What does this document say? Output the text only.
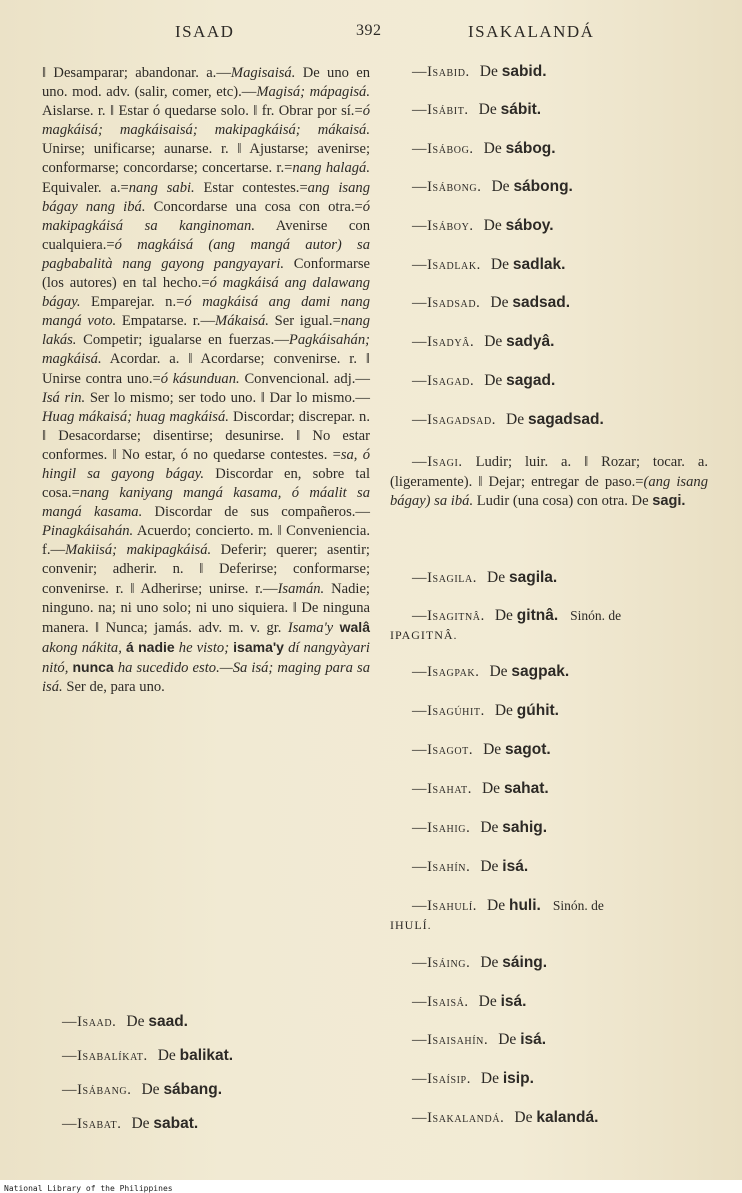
ISAAD	392	ISAKALANDÁ

‖ Desamparar; abandonar. a.—Magisaisá. De uno en uno. mod. adv. (salir, comer, etc).—Magisá; mápagisá. Aislarse. r. ‖ Estar ó quedarse solo. ‖ fr. Obrar por sí.=ó magkáisá; magkáisaisá; makipagkáisá; mákaisá. Unirse; unificarse; aunarse. r. ‖ Ajustarse; avenirse; conformarse; concordarse; concertarse. r.=nang halagá. Equivaler. a.=nang sabi. Estar contestes.=ang isang bágay nang ibá. Concordarse una cosa con otra.=ó makipagkáisá sa kanginoman. Avenirse con cualquiera.=ó magkáisá (ang mangá autor) sa pagbabalità nang gayong pangyayari. Conformarse (los autores) en tal hecho.=ó magkáisá ang dalawang bágay. Emparejar. n.=ó magkáisá ang dami nang mangá voto. Empatarse. r.—Mákaisá. Ser igual.=nang lakás. Competir; igualarse en fuerzas.—Pagkáisahán; magkáisá. Acordar. a. ‖ Acordarse; convenirse. r. ‖ Unirse contra uno.=ó kásunduan. Convencional. adj.—Isá rin. Ser lo mismo; ser todo uno. ‖ Dar lo mismo.—Huag mákaisá; huag magkáisá. Discordar; discrepar. n. ‖ Desacordarse; disentirse; desunirse. ‖ No estar conformes. ‖ No estar, ó no quedarse contestes. =sa, ó hingil sa gayong bágay. Discordar en, sobre tal cosa.=nang kaniyang mangá kasama, ó máalit sa mangá kasama. Discordar de sus compañeros.—Pinagkáisahán. Acuerdo; concierto. m. ‖ Conveniencia. f.—Makiisá; makipagkáisá. Deferir; querer; asentir; convenir; adherir. n. ‖ Deferirse; conformarse; convenirse. r. ‖ Adherirse; unirse. r.—Isamán. Nadie; ninguno. na; ni uno solo; ni uno siquiera. ‖ De ninguna manera. ‖ Nunca; jamás. adv. m. v. gr. Isama'y walâ akong nákita, á nadie he visto; isama'y dí nangyàyari nitó, nunca ha sucedido esto.—Sa isá; maging para sa isá. Ser de, para uno.

—Isaad. De saad.
—Isabalíkat. De balikat.
—Isábang. De sábang.
—Isabat. De sabat.
—Isabid. De sabid.
—Isábit. De sábit.
—Isábog. De sábog.
—Isábong. De sábong.
—Isáboy. De sáboy.
—Isadlak. De sadlak.
—Isadsad. De sadsad.
—Isadyâ. De sadyâ.
—Isagad. De sagad.
—Isagadsad. De sagadsad.

—Isagi. Ludir; luir. a. ‖ Rozar; tocar. a. (ligeramente). ‖ Dejar; entregar de paso.=(ang isang bágay) sa ibá. Ludir (una cosa) con otra. De sagi.

—Isagila. De sagila.
—Isagitnâ. De gitnâ. Sinón. de
—Isagpak. De sagpak.
—Isagúhit. De gúhit.
—Isagot. De sagot.
—Isahat. De sahat.
—Isahig. De sahig.
—Isahín. De isá.
—Isahulí. De huli. Sinón. de
—Isáing. De sáing.
—Isaisá. De isá.
—Isaisahín. De isá.
—Isaísip. De isip.
—Isakalandá. De kalandá.
IPAGITNÂ.
IHULÍ.
National Library of the Philippines
